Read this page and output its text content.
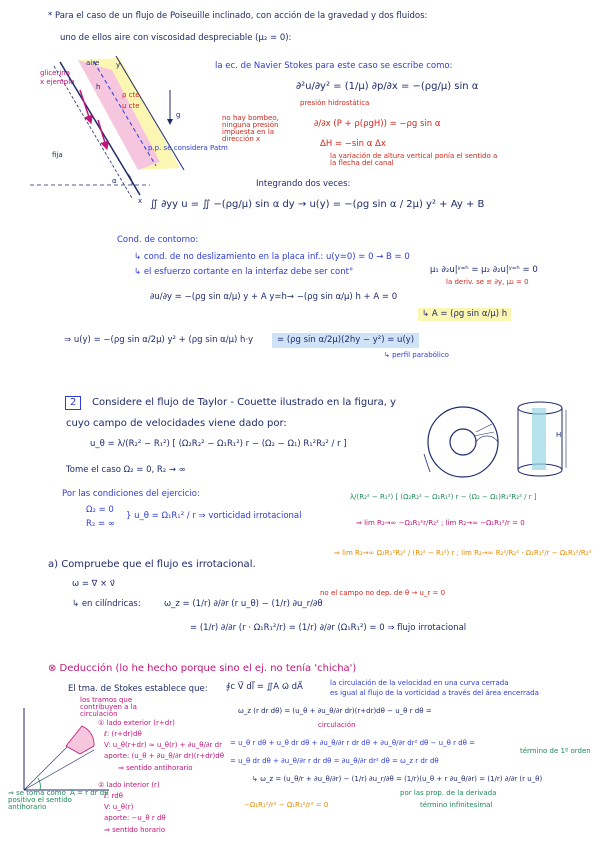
* Para el caso de un flujo de Poiseuille inclinado, con acción de la gravedad y dos fluidos:
uno de ellos aire con viscosidad despreciable (μ₂ = 0):
glicerina
x ejemplo
aire
fija
ρ cte
μ cte
g
p.p. se considera Patm
α
h
x
y	la ec. de Navier Stokes para este caso se escribe como:
∂²u/∂y² = (1/μ) ∂p/∂x = −(ρg/μ) sin α
presión hidrostática
no hay bombeo, ninguna presión impuesta en la dirección x
∂/∂x (P + ρ(ρgH)) = −ρg sin α
ΔH = −sin α Δx
la variación de altura vertical ponía el sentido a la flecha del canal
Integrando dos veces:
∬ ∂yy u = ∬ −(ρg/μ) sin α dy → u(y) = −(ρg sin α / 2μ) y² + Ay + B
Cond. de contorno:
↳ cond. de no deslizamiento en la placa inf.: u(y=0) = 0 → B = 0
↳ el esfuerzo cortante en la interfaz debe ser cont°	μ₁ ∂₂u|ʸ⁼ʰ = μ₂ ∂₂u|ʸ⁼ʰ = 0
la deriv. se ≡ ∂y, μ₂ = 0
∂u/∂y = −(ρg sin α/μ) y + A y=h→ −(ρg sin α/μ) h + A = 0
↳ A = (ρg sin α/μ) h
⇒ u(y) = −(ρg sin α/2μ) y² + (ρg sin α/μ) h·y	= (ρg sin α/2μ)(2hy − y²) = u(y)
↳ perfil parabólico
2	Considere el flujo de Taylor - Couette ilustrado en la figura, y
cuyo campo de velocidades viene dado por:
u_θ = λ/(R₂² − R₁²) [ (Ω₂R₂² − Ω₁R₁²) r − (Ω₂ − Ω₁) R₁²R₂² / r ]
Tome el caso Ω₂ = 0, R₂ → ∞
H
Por las condiciones del ejercicio:
Ω₂ = 0
R₂ = ∞
} u_θ = Ω₁R₁² / r ⇒ vorticidad irrotacional
λ/(R₂² − R₁²) [ (Ω₂R₂² − Ω₁R₁²) r − (Ω₂ − Ω₁)R₁²R₂² / r ]
⇒ lim R₂→∞ −Ω₁R₁²r/R₂² ; lim R₂→∞ −Ω₁R₁²/r = 0
⇒ lim R₂→∞ Ω₁R₁²R₂² / (R₂² − R₁²) r ; lim R₂→∞ R₂²/R₂² · Ω₁R₁²/r − Ω₁R₁²/R₂²
a) Compruebe que el flujo es irrotacional.
ω = ∇ × v⃗
↳ en cilíndricas:	ω_z = (1/r) ∂/∂r (r u_θ) − (1/r) ∂u_r/∂θ
no el campo no dep. de θ → u_r = 0
= (1/r) ∂/∂r (r · Ω₁R₁²/r) = (1/r) ∂/∂r (Ω₁R₁²) = 0 ⇒ flujo irrotacional
⊗ Deducción (lo he hecho porque sino el ej. no tenía 'chicha')
El tma. de Stokes establece que: ∮c V⃗ dl⃗ = ∬A ω⃗ dA⃗	la circulación de la velocidad en una curva cerrada
es igual al flujo de la vorticidad a través del área encerrada
los tramos que contribuyen a la circulación
⇒ se toma como positivo el sentido antihorario
A = r dr dθ
① lado exterior (r+dr)
ℓ: (r+dr)dθ
V: u_θ(r+dr) ≈ u_θ(r) + ∂u_θ/∂r dr
aporte: (u_θ + ∂u_θ/∂r dr)(r+dr)dθ
⇒ sentido antihorario
② lado interior (r)
ℓ: rdθ
V: u_θ(r)
aporte: −u_θ r dθ
⇒ sentido horario
ω_z (r dr dθ) = (u_θ + ∂u_θ/∂r dr)(r+dr)dθ − u_θ r dθ =
circulación
= u_θ r dθ + u_θ dr dθ + ∂u_θ/∂r r dr dθ + ∂u_θ/∂r dr² dθ − u_θ r dθ =
= u_θ dr dθ + ∂u_θ/∂r r dr dθ = ∂u_θ/∂r dr² dθ = ω_z r dr dθ
término de 1º orden
↳ ω_z = (u_θ/r + ∂u_θ/∂r) − (1/r) ∂u_r/∂θ = (1/r)(u_θ + r ∂u_θ/∂r) = (1/r) ∂/∂r (r u_θ)
por las prop. de la derivada
−Ω₁R₁²/r² − Ω₁R₁²/r² = 0	término infinitesimal
